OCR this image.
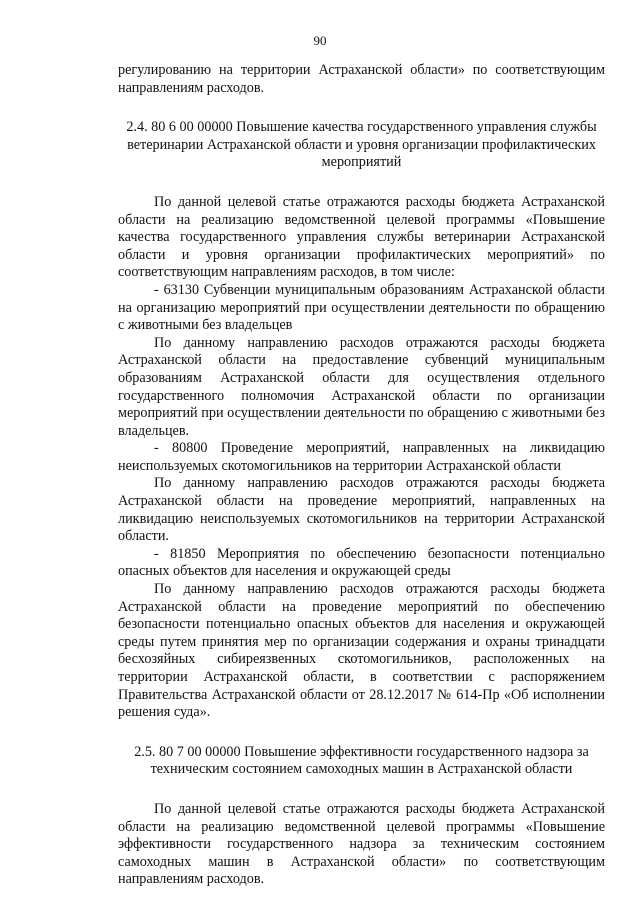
90

регулированию на территории Астраханской области» по соответствующим направлениям расходов.

2.4. 80 6 00 00000 Повышение качества государственного управления службы ветеринарии Астраханской области и уровня организации профилактических мероприятий

По данной целевой статье отражаются расходы бюджета Астраханской области на реализацию ведомственной целевой программы «Повышение качества государственного управления службы ветеринарии Астраханской области и уровня организации профилактических мероприятий» по соответствующим направлениям расходов, в том числе:

- 63130 Субвенции муниципальным образованиям Астраханской области на организацию мероприятий при осуществлении деятельности по обращению с животными без владельцев

По данному направлению расходов отражаются расходы бюджета Астраханской области на предоставление субвенций муниципальным образованиям Астраханской области для осуществления отдельного государственного полномочия Астраханской области по организации мероприятий при осуществлении деятельности по обращению с животными без владельцев.

- 80800 Проведение мероприятий, направленных на ликвидацию неиспользуемых скотомогильников на территории Астраханской области

По данному направлению расходов отражаются расходы бюджета Астраханской области на проведение мероприятий, направленных на ликвидацию неиспользуемых скотомогильников на территории Астраханской области.

- 81850 Мероприятия по обеспечению безопасности потенциально опасных объектов для населения и окружающей среды

По данному направлению расходов отражаются расходы бюджета Астраханской области на проведение мероприятий по обеспечению безопасности потенциально опасных объектов для населения и окружающей среды путем принятия мер по организации содержания и охраны тринадцати бесхозяйных сибиреязвенных скотомогильников, расположенных на территории Астраханской области, в соответствии с распоряжением Правительства Астраханской области от 28.12.2017 № 614-Пр «Об исполнении решения суда».

2.5. 80 7 00 00000 Повышение эффективности государственного надзора за техническим состоянием самоходных машин в Астраханской области

По данной целевой статье отражаются расходы бюджета Астраханской области на реализацию ведомственной целевой программы «Повышение эффективности государственного надзора за техническим состоянием самоходных машин в Астраханской области» по соответствующим направлениям расходов.
